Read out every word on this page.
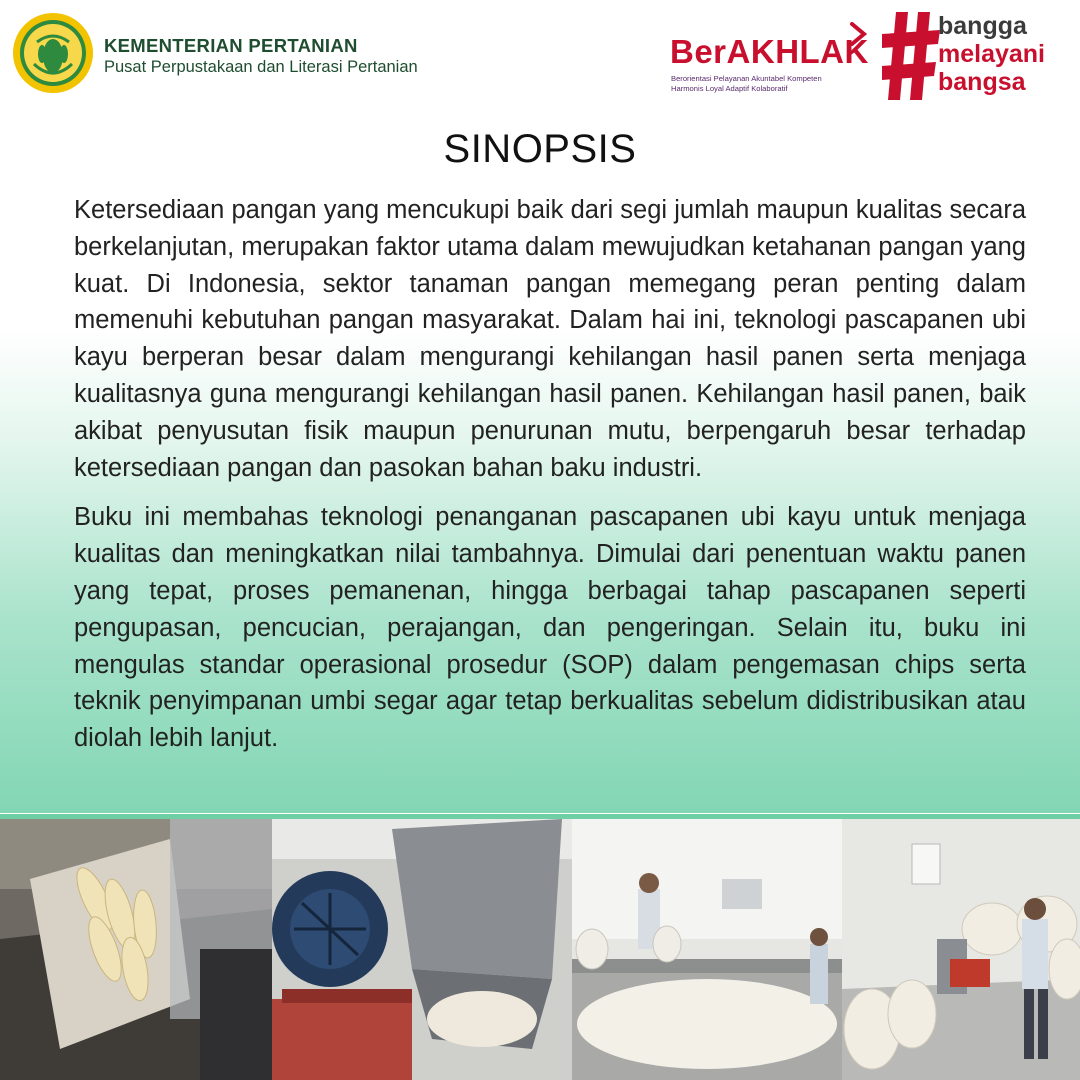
KEMENTERIAN PERTANIAN
Pusat Perpustakaan dan Literasi Pertanian	BerAKHLAK
Berorientasi Pelayanan Akuntabel Kompeten
Harmonis Loyal Adaptif Kolaboratif
bangga
melayani
bangsa
SINOPSIS

Ketersediaan pangan yang mencukupi baik dari segi jumlah maupun kualitas secara berkelanjutan, merupakan faktor utama dalam mewujudkan ketahanan pangan yang kuat. Di Indonesia, sektor tanaman pangan memegang peran penting dalam memenuhi kebutuhan pangan masyarakat. Dalam hai ini, teknologi pascapanen ubi kayu berperan besar dalam mengurangi kehilangan hasil panen serta menjaga kualitasnya guna mengurangi kehilangan hasil panen. Kehilangan hasil panen, baik akibat penyusutan fisik maupun penurunan mutu, berpengaruh besar terhadap ketersediaan pangan dan pasokan bahan baku industri.

Buku ini membahas teknologi penanganan pascapanen ubi kayu untuk menjaga kualitas dan meningkatkan nilai tambahnya. Dimulai dari penentuan waktu panen yang tepat, proses pemanenan, hingga berbagai tahap pascapanen seperti pengupasan, pencucian, perajangan, dan pengeringan. Selain itu, buku ini mengulas standar operasional prosedur (SOP) dalam pengemasan chips serta teknik penyimpanan umbi segar agar tetap berkualitas sebelum didistribusikan atau diolah lebih lanjut.
